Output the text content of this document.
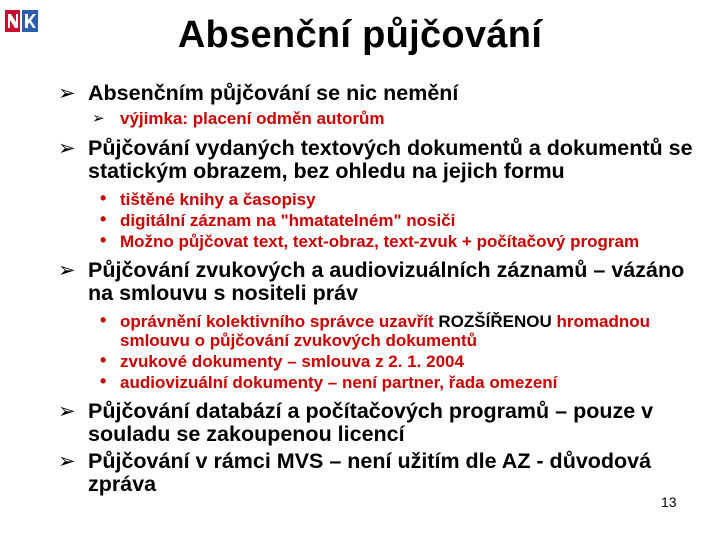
Absenční půjčování
➢ Absenčním půjčování se nic nemění
➢ výjimka: placení odměn autorům
➢ Půjčování vydaných textových dokumentů a dokumentů se statickým obrazem, bez ohledu na jejich formu
• tištěné knihy a časopisy
• digitální záznam na "hmatatelném" nosiči
• Možno půjčovat text, text-obraz, text-zvuk + počítačový program
➢ Půjčování zvukových a audiovizuálních záznamů – vázáno na smlouvu s nositeli práv
• oprávnění kolektivního správce uzavřít ROZŠÍŘENOU hromadnou smlouvu o půjčování zvukových dokumentů
• zvukové dokumenty – smlouva z 2. 1. 2004
• audiovizuální dokumenty – není partner, řada omezení
➢ Půjčování databází a počítačových programů – pouze v souladu se zakoupenou licencí
➢ Půjčování v rámci MVS – není užitím dle AZ - důvodová zpráva
13
